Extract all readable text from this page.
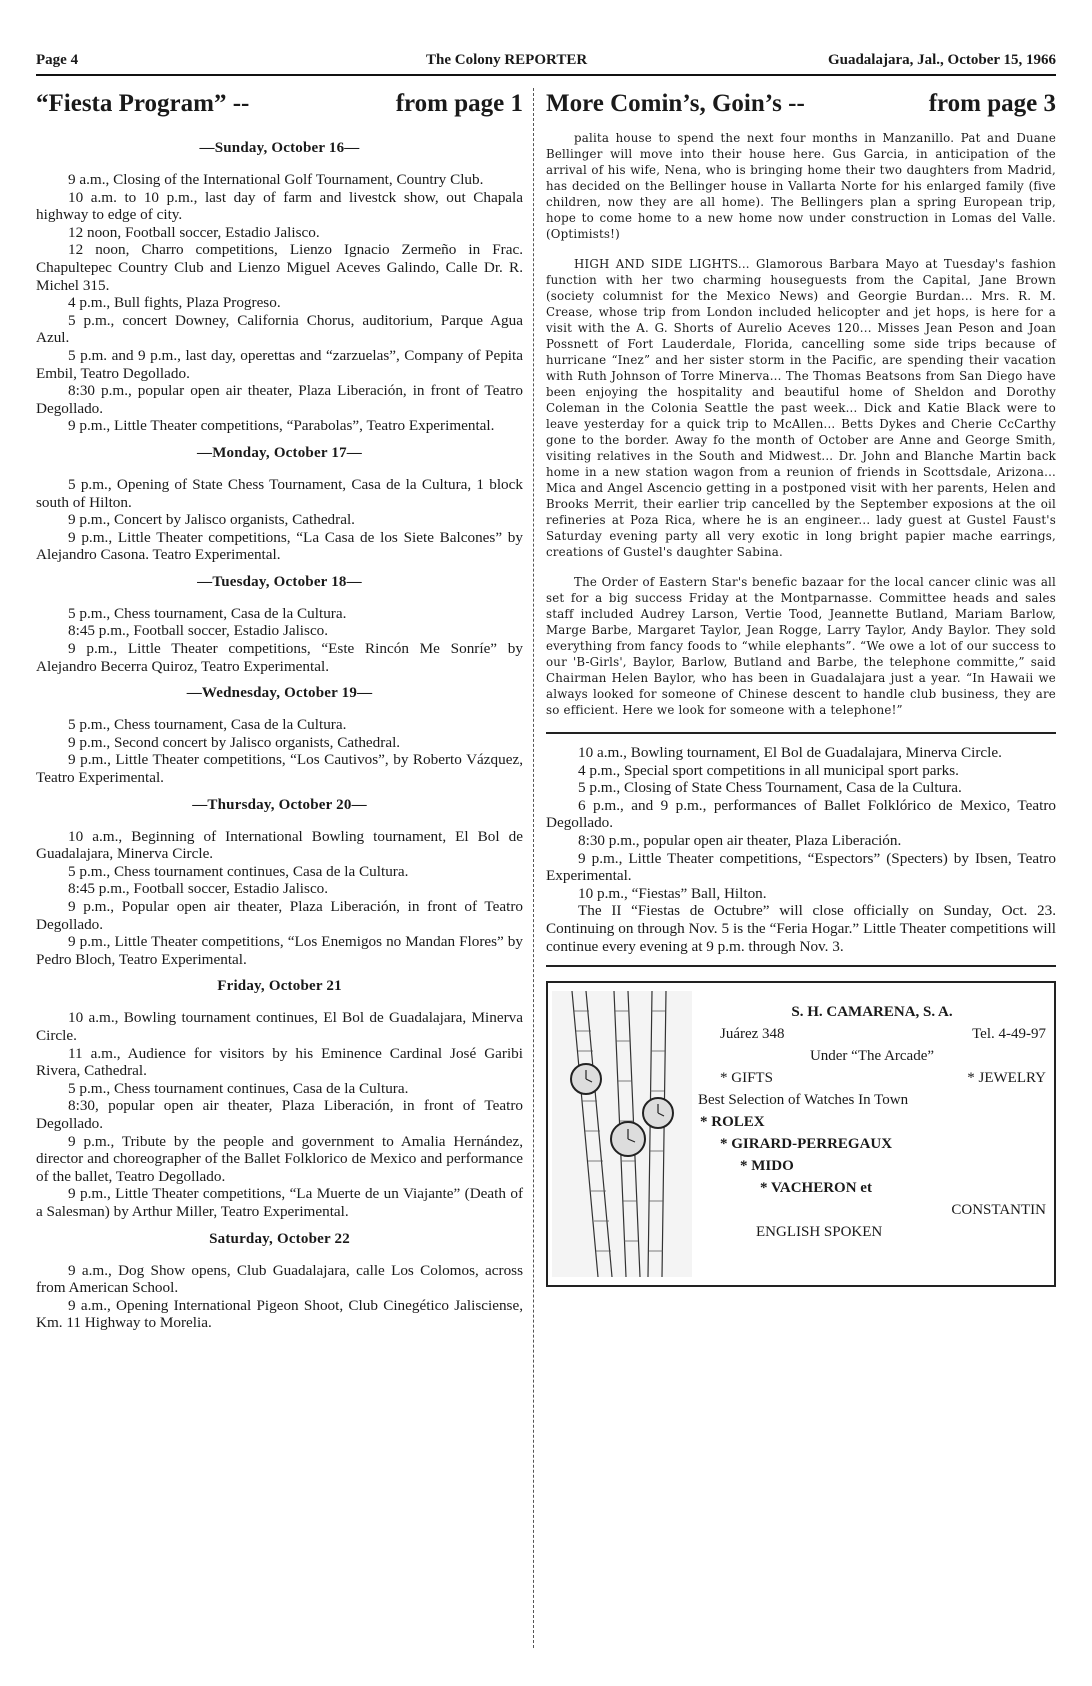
Page 4	The Colony REPORTER	Guadalajara, Jal., October 15, 1966
“Fiesta Program” --	from page 1
—Sunday, October 16—

9 a.m., Closing of the International Golf Tournament, Country Club.

10 a.m. to 10 p.m., last day of farm and livestck show, out Chapala highway to edge of city.

12 noon, Football soccer, Estadio Jalisco.

12 noon, Charro competitions, Lienzo Ignacio Zermeño in Frac. Chapultepec Country Club and Lienzo Miguel Aceves Galindo, Calle Dr. R. Michel 315.

4 p.m., Bull fights, Plaza Progreso.

5 p.m., concert Downey, California Chorus, auditorium, Parque Agua Azul.

5 p.m. and 9 p.m., last day, operettas and “zarzuelas”, Company of Pepita Embil, Teatro Degollado.

8:30 p.m., popular open air theater, Plaza Liberación, in front of Teatro Degollado.

9 p.m., Little Theater competitions, “Parabolas”, Teatro Experimental.

—Monday, October 17—

5 p.m., Opening of State Chess Tournament, Casa de la Cultura, 1 block south of Hilton.

9 p.m., Concert by Jalisco organists, Cathedral.

9 p.m., Little Theater competitions, “La Casa de los Siete Balcones” by Alejandro Casona. Teatro Experimental.

—Tuesday, October 18—

5 p.m., Chess tournament, Casa de la Cultura.

8:45 p.m., Football soccer, Estadio Jalisco.

9 p.m., Little Theater competitions, “Este Rincón Me Sonríe” by Alejandro Becerra Quiroz, Teatro Experimental.

—Wednesday, October 19—

5 p.m., Chess tournament, Casa de la Cultura.

9 p.m., Second concert by Jalisco organists, Cathedral.

9 p.m., Little Theater competitions, “Los Cautivos”, by Roberto Vázquez, Teatro Experimental.

—Thursday, October 20—

10 a.m., Beginning of International Bowling tournament, El Bol de Guadalajara, Minerva Circle.

5 p.m., Chess tournament continues, Casa de la Cultura.

8:45 p.m., Football soccer, Estadio Jalisco.

9 p.m., Popular open air theater, Plaza Liberación, in front of Teatro Degollado.

9 p.m., Little Theater competitions, “Los Enemigos no Mandan Flores” by Pedro Bloch, Teatro Experimental.

Friday, October 21

10 a.m., Bowling tournament continues, El Bol de Guadalajara, Minerva Circle.

11 a.m., Audience for visitors by his Eminence Cardinal José Garibi Rivera, Cathedral.

5 p.m., Chess tournament continues, Casa de la Cultura.

8:30, popular open air theater, Plaza Liberación, in front of Teatro Degollado.

9 p.m., Tribute by the people and government to Amalia Hernández, director and choreographer of the Ballet Folklorico de Mexico and performance of the ballet, Teatro Degollado.

9 p.m., Little Theater competitions, “La Muerte de un Viajante” (Death of a Salesman) by Arthur Miller, Teatro Experimental.

Saturday, October 22

9 a.m., Dog Show opens, Club Guadalajara, calle Los Colomos, across from American School.

9 a.m., Opening International Pigeon Shoot, Club Cinegético Jalisciense, Km. 11 Highway to Morelia.

More Comin’s, Goin’s --	from page 3

palita house to spend the next four months in Manzanillo. Pat and Duane Bellinger will move into their house here. Gus Garcia, in anticipation of the arrival of his wife, Nena, who is bringing home their two daughters from Madrid, has decided on the Bellinger house in Vallarta Norte for his enlarged family (five children, now they are all home). The Bellingers plan a spring European trip, hope to come home to a new home now under construction in Lomas del Valle. (Optimists!)

HIGH AND SIDE LIGHTS... Glamorous Barbara Mayo at Tuesday's fashion function with her two charming houseguests from the Capital, Jane Brown (society columnist for the Mexico News) and Georgie Burdan... Mrs. R. M. Crease, whose trip from London included helicopter and jet hops, is here for a visit with the A. G. Shorts of Aurelio Aceves 120... Misses Jean Peson and Joan Possnett of Fort Lauderdale, Florida, cancelling some side trips because of hurricane “Inez” and her sister storm in the Pacific, are spending their vacation with Ruth Johnson of Torre Minerva... The Thomas Beatsons from San Diego have been enjoying the hospitality and beautiful home of Sheldon and Dorothy Coleman in the Colonia Seattle the past week... Dick and Katie Black were to leave yesterday for a quick trip to McAllen... Betts Dykes and Cherie CcCarthy gone to the border. Away fo the month of October are Anne and George Smith, visiting relatives in the South and Midwest... Dr. John and Blanche Martin back home in a new station wagon from a reunion of friends in Scottsdale, Arizona... Mica and Angel Ascencio getting in a postponed visit with her parents, Helen and Brooks Merrit, their earlier trip cancelled by the September exposions at the oil refineries at Poza Rica, where he is an engineer... lady guest at Gustel Faust's Saturday evening party all very exotic in long bright papier mache earrings, creations of Gustel's daughter Sabina.

The Order of Eastern Star's benefic bazaar for the local cancer clinic was all set for a big success Friday at the Montparnasse. Committee heads and sales staff included Audrey Larson, Vertie Tood, Jeannette Butland, Mariam Barlow, Marge Barbe, Margaret Taylor, Jean Rogge, Larry Taylor, Andy Baylor. They sold everything from fancy foods to “while elephants”. “We owe a lot of our success to our 'B-Girls', Baylor, Barlow, Butland and Barbe, the telephone committe,” said Chairman Helen Baylor, who has been in Guadalajara just a year. “In Hawaii we always looked for someone of Chinese descent to handle club business, they are so efficient. Here we look for someone with a telephone!”

10 a.m., Bowling tournament, El Bol de Guadalajara, Minerva Circle.

4 p.m., Special sport competitions in all municipal sport parks.

5 p.m., Closing of State Chess Tournament, Casa de la Cultura.

6 p.m., and 9 p.m., performances of Ballet Folklórico de Mexico, Teatro Degollado.

8:30 p.m., popular open air theater, Plaza Liberación.

9 p.m., Little Theater competitions, “Espectors” (Specters) by Ibsen, Teatro Experimental.

10 p.m., “Fiestas” Ball, Hilton.

The II “Fiestas de Octubre” will close officially on Sunday, Oct. 23. Continuing on through Nov. 5 is the “Feria Hogar.” Little Theater competitions will continue every evening at 9 p.m. through Nov. 3.

S. H. CAMARENA, S. A.
Juárez 348	Tel. 4-49-97
Under “The Arcade”
* GIFTS	* JEWELRY
Best Selection of Watches In Town
* ROLEX
* GIRARD-PERREGAUX
* MIDO
* VACHERON et
CONSTANTIN
ENGLISH SPOKEN
